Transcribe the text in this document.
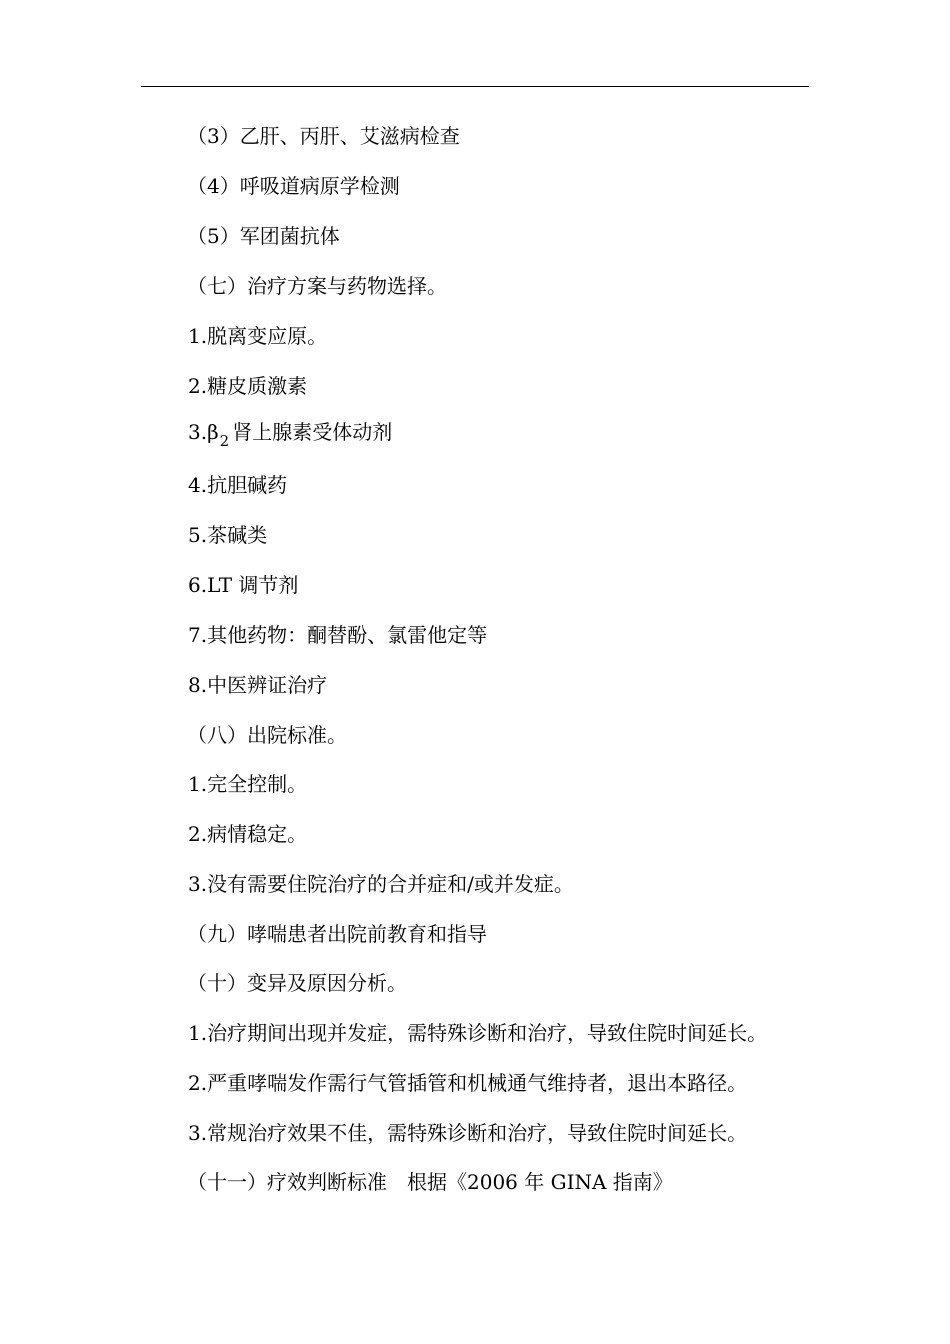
（3）乙肝、丙肝、艾滋病检查
（4）呼吸道病原学检测
（5）军团菌抗体
（七）治疗方案与药物选择。
1.脱离变应原。
2.糖皮质激素
$3.\beta_2$ 肾上腺素受体动剂
4.抗胆碱药
5.茶碱类
6.LT 调节剂
7.其他药物：酮替酚、氯雷他定等
8.中医辨证治疗
（八）出院标准。
1.完全控制。
2.病情稳定。
3.没有需要住院治疗的合并症和/或并发症。
（九）哮喘患者出院前教育和指导
（十）变异及原因分析。
1.治疗期间出现并发症，需特殊诊断和治疗，导致住院时间延长。
2.严重哮喘发作需行气管插管和机械通气维持者，退出本路径。
3.常规治疗效果不佳，需特殊诊断和治疗，导致住院时间延长。
（十一）疗效判断标准　根据《2006 年 GINA 指南》
